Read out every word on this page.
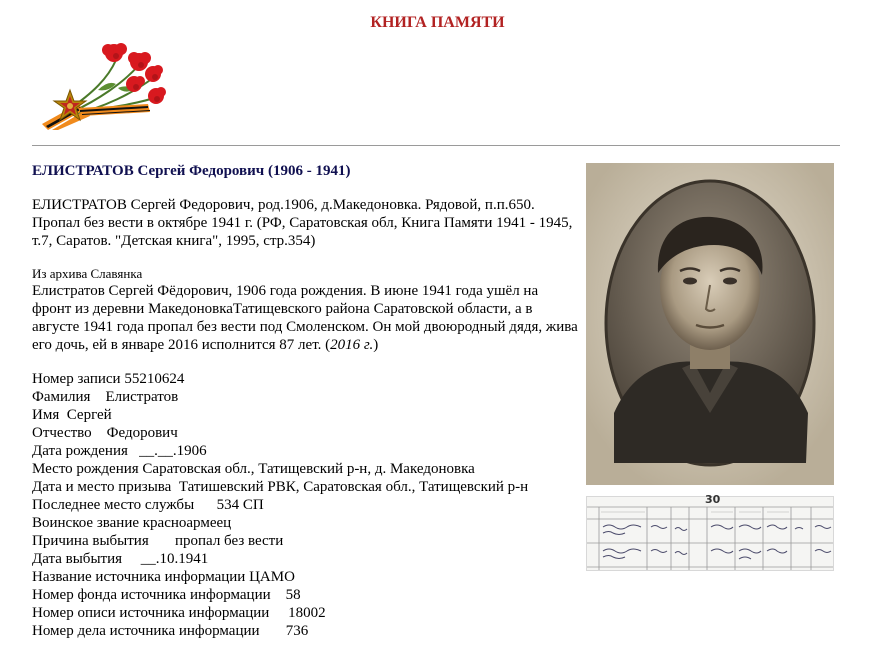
КНИГА ПАМЯТИ
ЕЛИСТРАТОВ Сергей Федорович (1906 - 1941)
ЕЛИСТРАТОВ Сергей Федорович, род.1906, д.Македоновка. Рядовой, п.п.650. Пропал без вести в октябре 1941 г. (РФ, Саратовская обл, Книга Памяти 1941 - 1945, т.7, Саратов. "Детская книга", 1995, стр.354)
Из архива Славянка
Елистратов Сергей Фёдорович, 1906 года рождения. В июне 1941 года ушёл на фронт из деревни МакедоновкаТатищевского района Саратовской области, а в августе 1941 года пропал без вести под Смоленском. Он мой двоюродный дядя, жива его дочь, ей в январе 2016 исполнится 87 лет. (2016 г.)
Номер записи 55210624
Фамилия    Елистратов
Имя  Сергей
Отчество    Федорович
Дата рождения   __.__.1906
Место рождения Саратовская обл., Татищевский р-н, д. Македоновка
Дата и место призыва  Татишевский РВК, Саратовская обл., Татищевский р-н
Последнее место службы      534 СП
Воинское звание красноармеец
Причина выбытия       пропал без вести
Дата выбытия     __.10.1941
Название источника информации ЦАМО
Номер фонда источника информации    58
Номер описи источника информации     18002
Номер дела источника информации       736
30
